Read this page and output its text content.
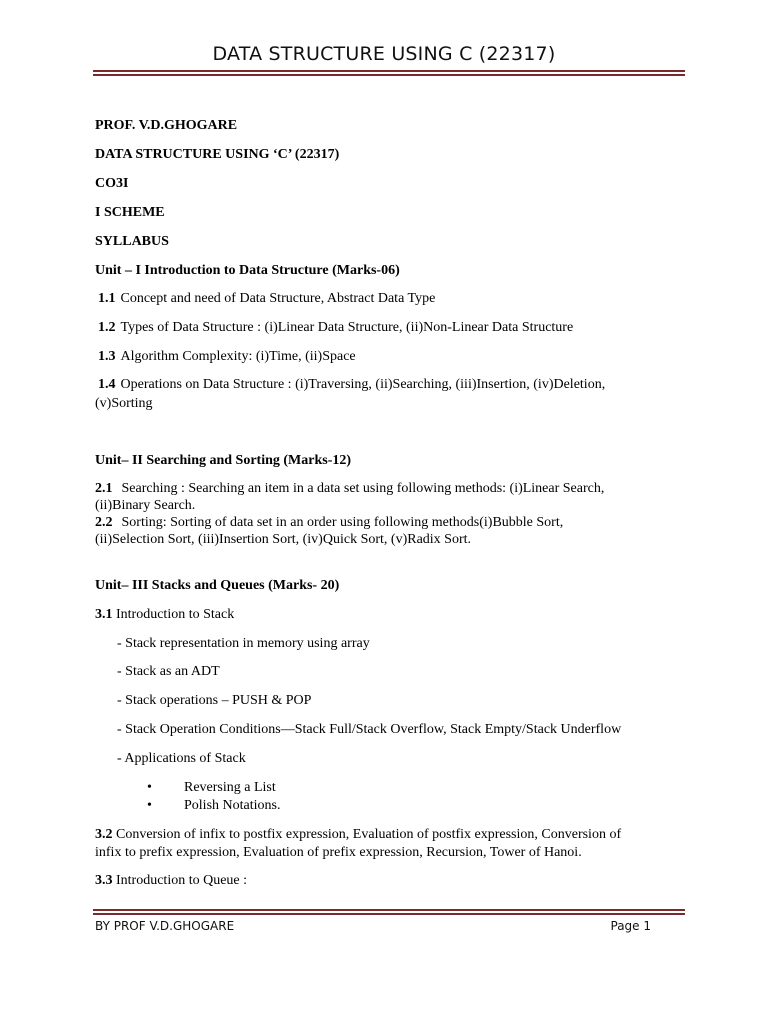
DATA STRUCTURE USING C (22317)
PROF. V.D.GHOGARE
DATA STRUCTURE USING ‘C’ (22317)
CO3I
I SCHEME
SYLLABUS
Unit – I Introduction to Data Structure (Marks-06)
1.1 Concept and need of Data Structure, Abstract Data Type
1.2 Types of Data Structure : (i)Linear Data Structure, (ii)Non-Linear Data Structure
1.3 Algorithm Complexity: (i)Time, (ii)Space
1.4 Operations on Data Structure : (i)Traversing, (ii)Searching, (iii)Insertion, (iv)Deletion,
(v)Sorting
Unit– II Searching and Sorting (Marks-12)
2.1 Searching : Searching an item in a data set using following methods: (i)Linear Search,
(ii)Binary Search.
2.2 Sorting: Sorting of data set in an order using following methods(i)Bubble Sort,
(ii)Selection Sort, (iii)Insertion Sort, (iv)Quick Sort, (v)Radix Sort.
Unit– III Stacks and Queues (Marks- 20)
3.1 Introduction to Stack
- Stack representation in memory using array
- Stack as an ADT
- Stack operations – PUSH & POP
- Stack Operation Conditions—Stack Full/Stack Overflow, Stack Empty/Stack Underflow
- Applications of Stack
• Reversing a List
• Polish Notations.
3.2 Conversion of infix to postfix expression, Evaluation of postfix expression, Conversion of
infix to prefix expression, Evaluation of prefix expression, Recursion, Tower of Hanoi.
3.3 Introduction to Queue :
BY PROF V.D.GHOGARE	Page 1
